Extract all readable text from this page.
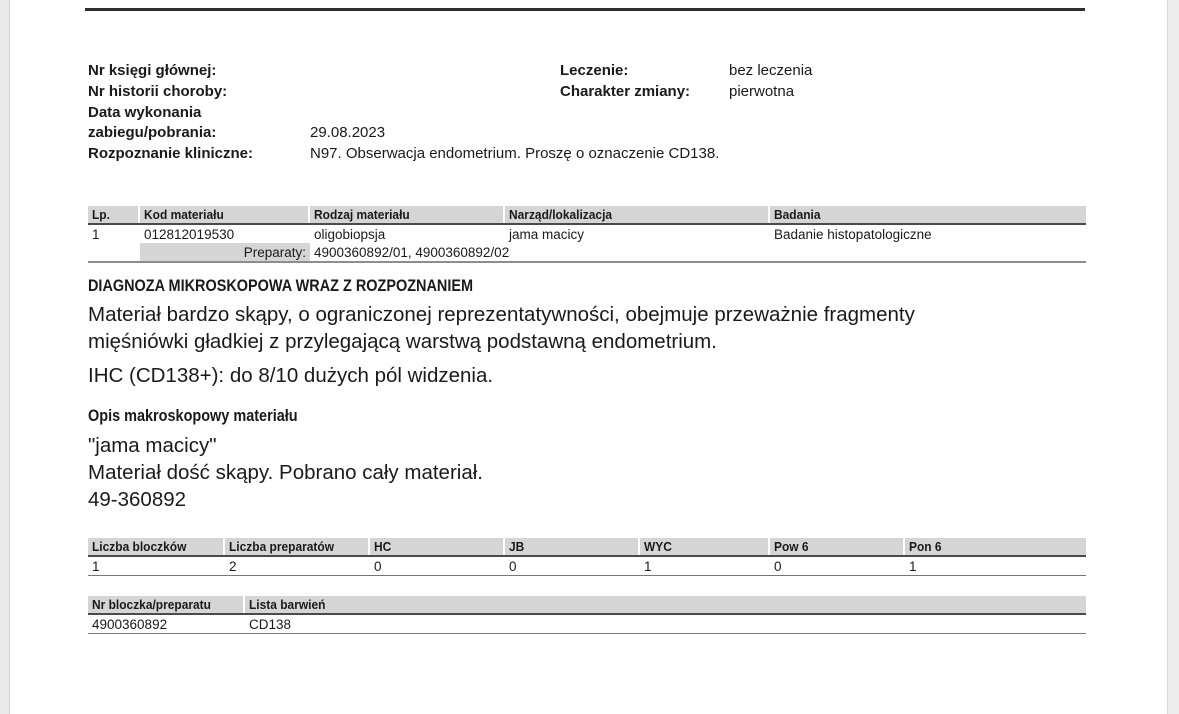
Nr księgi głównej:
Nr historii choroby:
Data wykonania
zabiegu/pobrania:	29.08.2023
Rozpoznanie kliniczne:	N97. Obserwacja endometrium. Proszę o oznaczenie CD138.
Leczenie:	bez leczenia
Charakter zmiany:	pierwotna
Lp.	Kod materiału	Rodzaj materiału	Narząd/lokalizacja	Badania
1	012812019530	oligobiopsja	jama macicy	Badanie histopatologiczne
Preparaty: 4900360892/01, 4900360892/02
DIAGNOZA MIKROSKOPOWA WRAZ Z ROZPOZNANIEM
Materiał bardzo skąpy, o ograniczonej reprezentatywności, obejmuje przeważnie fragmenty
mięśniówki gładkiej z przylegającą warstwą podstawną endometrium.
IHC (CD138+): do 8/10 dużych pól widzenia.
Opis makroskopowy materiału
"jama macicy"
Materiał dość skąpy. Pobrano cały materiał.
49-360892
Liczba bloczków	Liczba preparatów	HC	JB	WYC	Pow 6	Pon 6
1	2	0	0	1	0	1
Nr bloczka/preparatu	Lista barwień
4900360892	CD138
